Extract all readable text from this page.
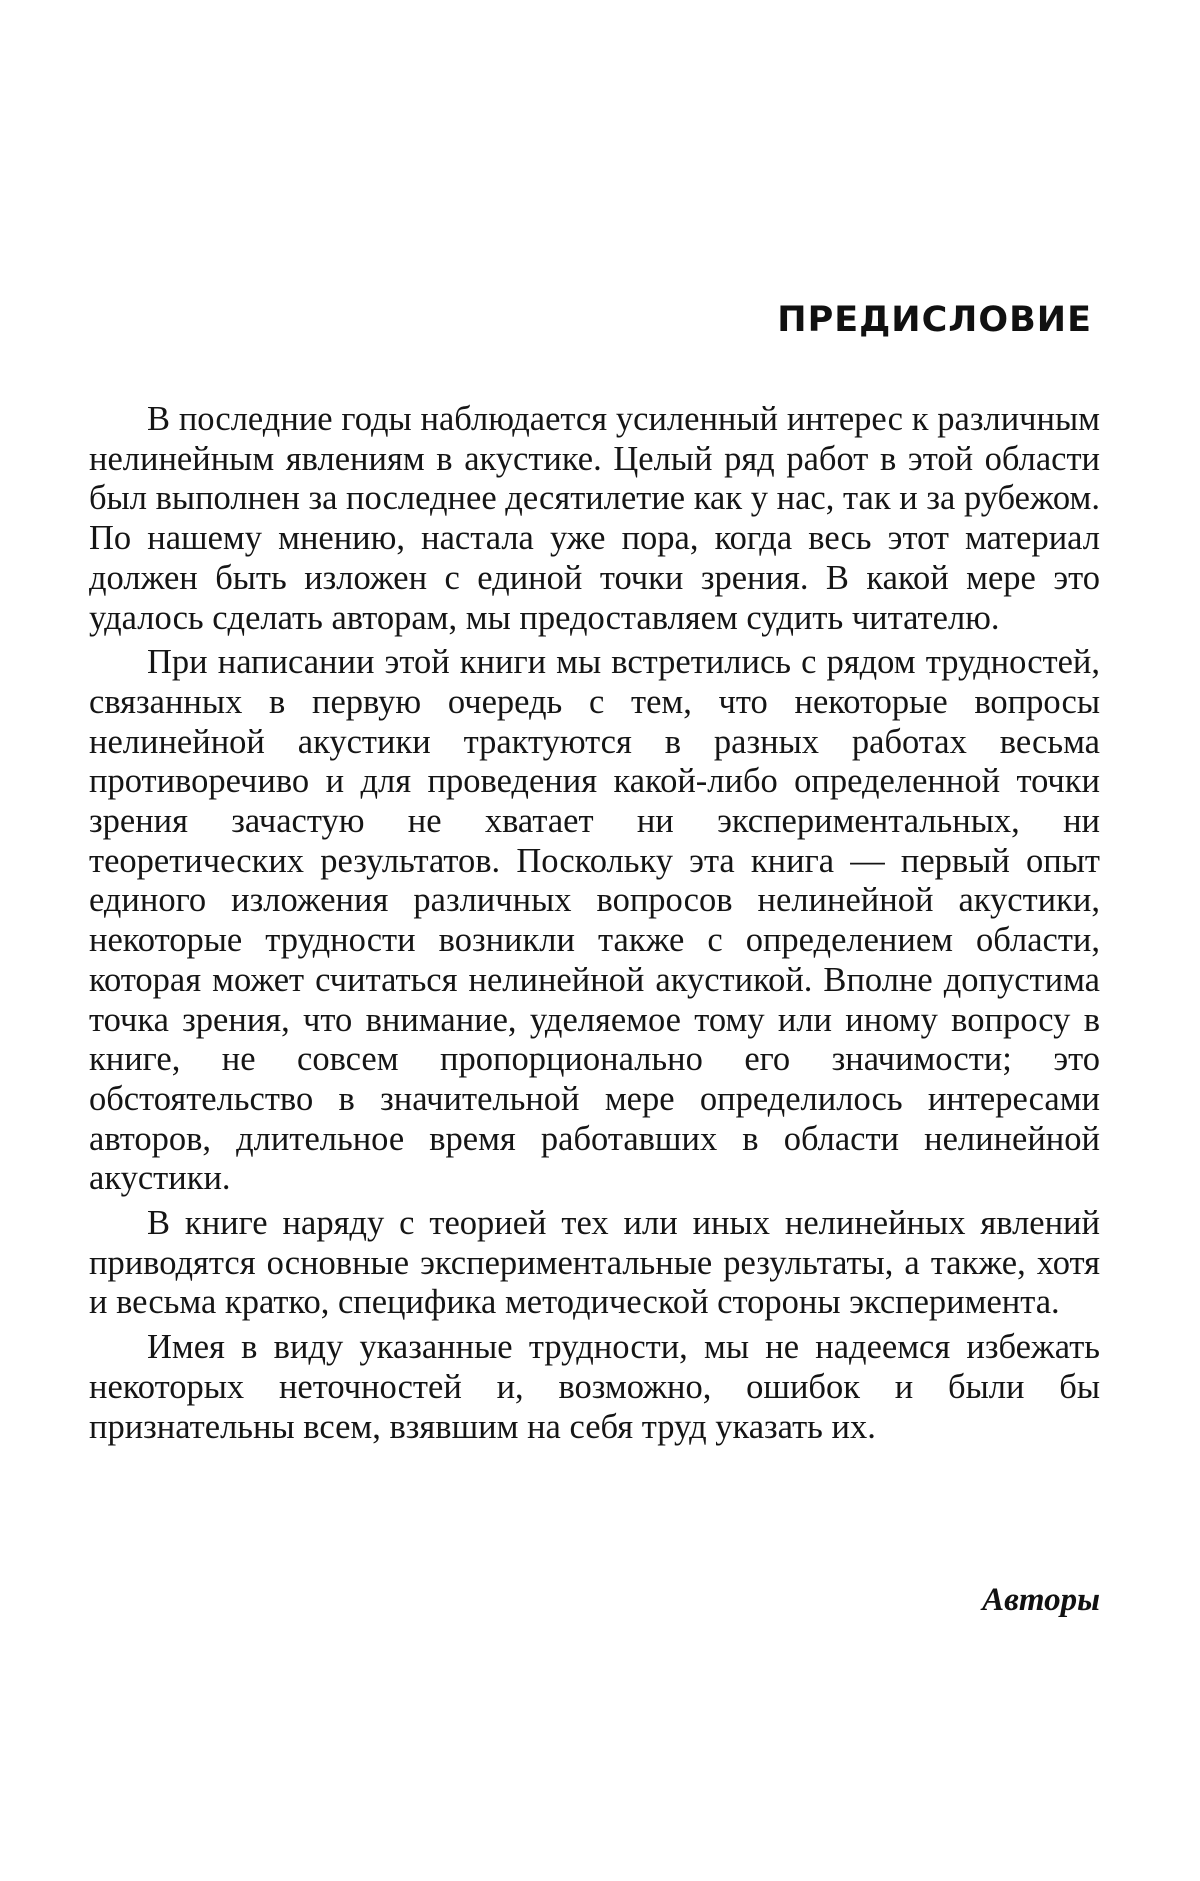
ПРЕДИСЛОВИЕ

В последние годы наблюдается усиленный интерес к различным нелинейным явлениям в акустике. Целый ряд работ в этой области был выполнен за последнее десятилетие как у нас, так и за рубежом. По нашему мнению, настала уже пора, когда весь этот материал должен быть изложен с единой точки зрения. В какой мере это удалось сделать авторам, мы предоставляем судить читателю.

При написании этой книги мы встретились с рядом трудностей, связанных в первую очередь с тем, что некоторые вопросы нелинейной акустики трактуются в разных работах весьма противоречиво и для проведения какой-либо определенной точки зрения зачастую не хватает ни экспериментальных, ни теоретических результатов. Поскольку эта книга — первый опыт единого изложения различных вопросов нелинейной акустики, некоторые трудности возникли также с определением области, которая может считаться нелинейной акустикой. Вполне допустима точка зрения, что внимание, уделяемое тому или иному вопросу в книге, не совсем пропорционально его значимости; это обстоятельство в значительной мере определилось интересами авторов, длительное время работавших в области нелинейной акустики.

В книге наряду с теорией тех или иных нелинейных явлений приводятся основные экспериментальные результаты, а также, хотя и весьма кратко, специфика методической стороны эксперимента.

Имея в виду указанные трудности, мы не надеемся избежать некоторых неточностей и, возможно, ошибок и были бы признательны всем, взявшим на себя труд указать их.

Авторы
